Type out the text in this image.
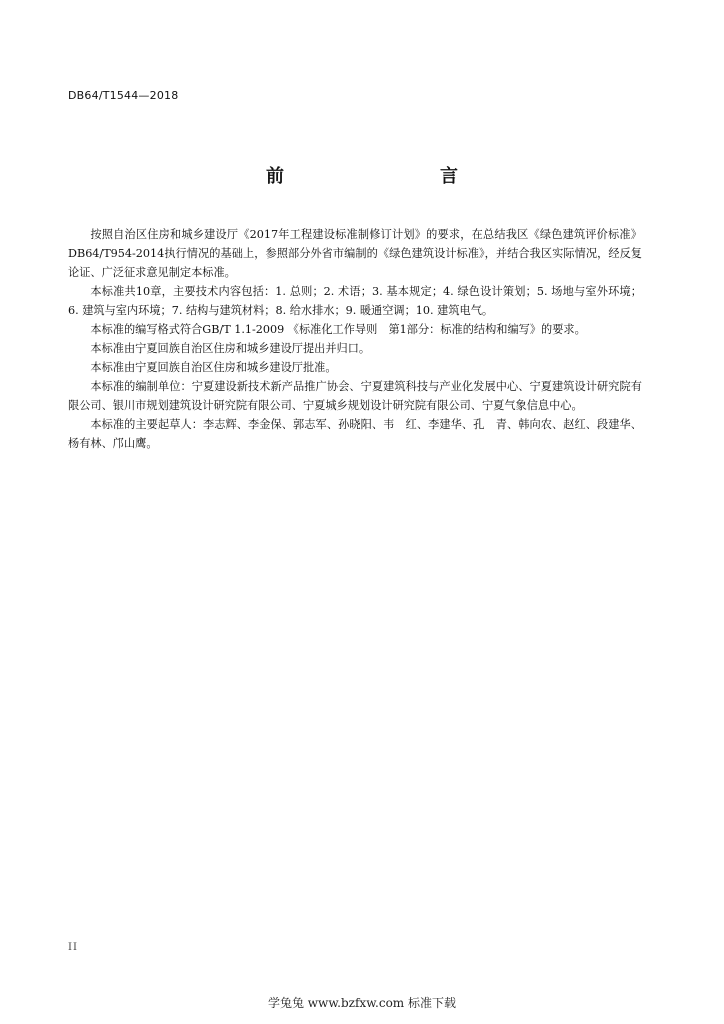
DB64/T1544—2018
前　　言

按照自治区住房和城乡建设厅《2017年工程建设标准制修订计划》的要求，在总结我区《绿色建筑评价标准》DB64/T954-2014执行情况的基础上，参照部分外省市编制的《绿色建筑设计标准》，并结合我区实际情况，经反复论证、广泛征求意见制定本标准。

本标准共10章，主要技术内容包括：1. 总则；2. 术语；3. 基本规定；4. 绿色设计策划；5. 场地与室外环境；6. 建筑与室内环境；7. 结构与建筑材料；8. 给水排水；9. 暖通空调；10. 建筑电气。

本标准的编写格式符合GB/T 1.1-2009 《标准化工作导则　第1部分：标准的结构和编写》的要求。

本标准由宁夏回族自治区住房和城乡建设厅提出并归口。

本标准由宁夏回族自治区住房和城乡建设厅批准。

本标准的编制单位：宁夏建设新技术新产品推广协会、宁夏建筑科技与产业化发展中心、宁夏建筑设计研究院有限公司、银川市规划建筑设计研究院有限公司、宁夏城乡规划设计研究院有限公司、宁夏气象信息中心。

本标准的主要起草人：李志辉、李金保、郭志军、孙晓阳、韦　红、李建华、孔　青、韩向农、赵红、段建华、杨有林、邝山鹰。

II
学兔兔 www.bzfxw.com 标准下载
